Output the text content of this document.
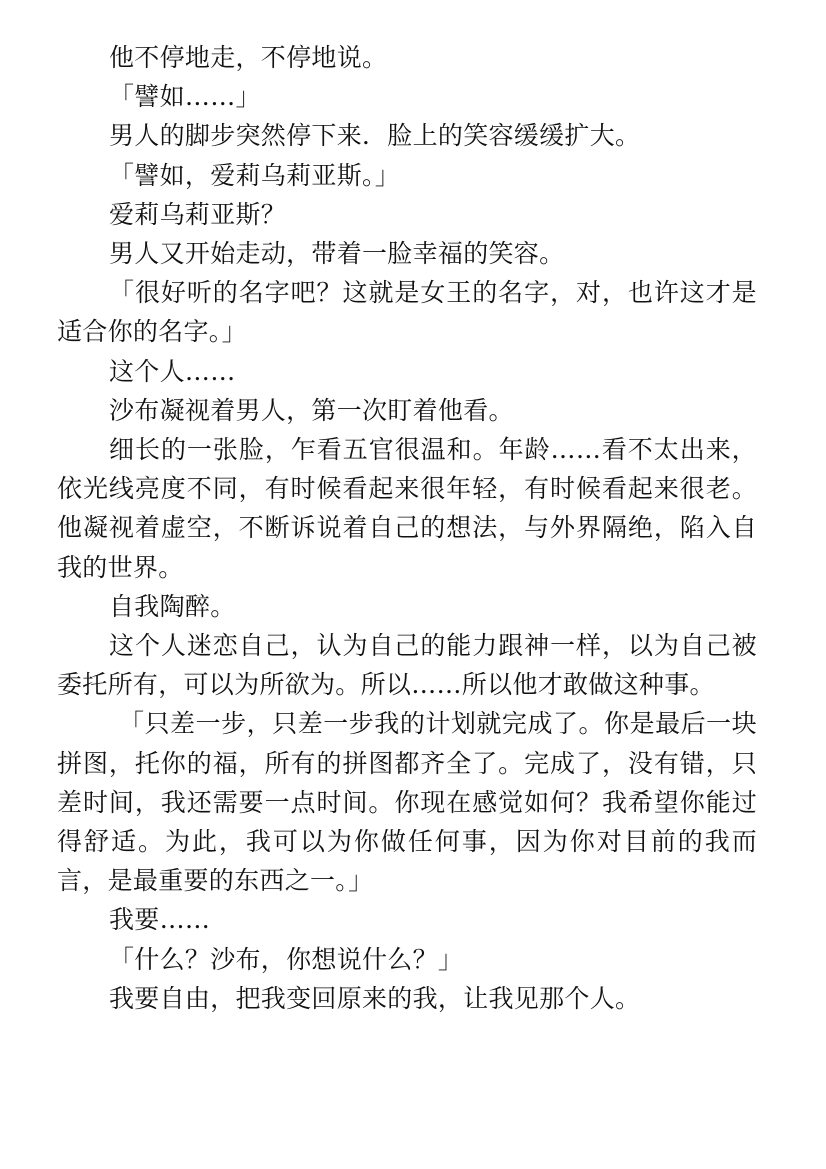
他不停地走，不停地说。

「譬如……」

男人的脚步突然停下来．脸上的笑容缓缓扩大。

「譬如，爱莉乌莉亚斯。」

爱莉乌莉亚斯？

男人又开始走动，带着一脸幸福的笑容。

「很好听的名字吧？这就是女王的名字，对，也许这才是适合你的名字。」

这个人……

沙布凝视着男人，第一次盯着他看。

细长的一张脸，乍看五官很温和。年龄……看不太出来，依光线亮度不同，有时候看起来很年轻，有时候看起来很老。他凝视着虚空，不断诉说着自己的想法，与外界隔绝，陷入自我的世界。

自我陶醉。

这个人迷恋自己，认为自己的能力跟神一样，以为自己被委托所有，可以为所欲为。所以……所以他才敢做这种事。

「只差一步，只差一步我的计划就完成了。你是最后一块拼图，托你的福，所有的拼图都齐全了。完成了，没有错，只差时间，我还需要一点时间。你现在感觉如何？我希望你能过得舒适。为此，我可以为你做任何事，因为你对目前的我而言，是最重要的东西之一。」

我要……

「什么？沙布，你想说什么？」

我要自由，把我变回原来的我，让我见那个人。
